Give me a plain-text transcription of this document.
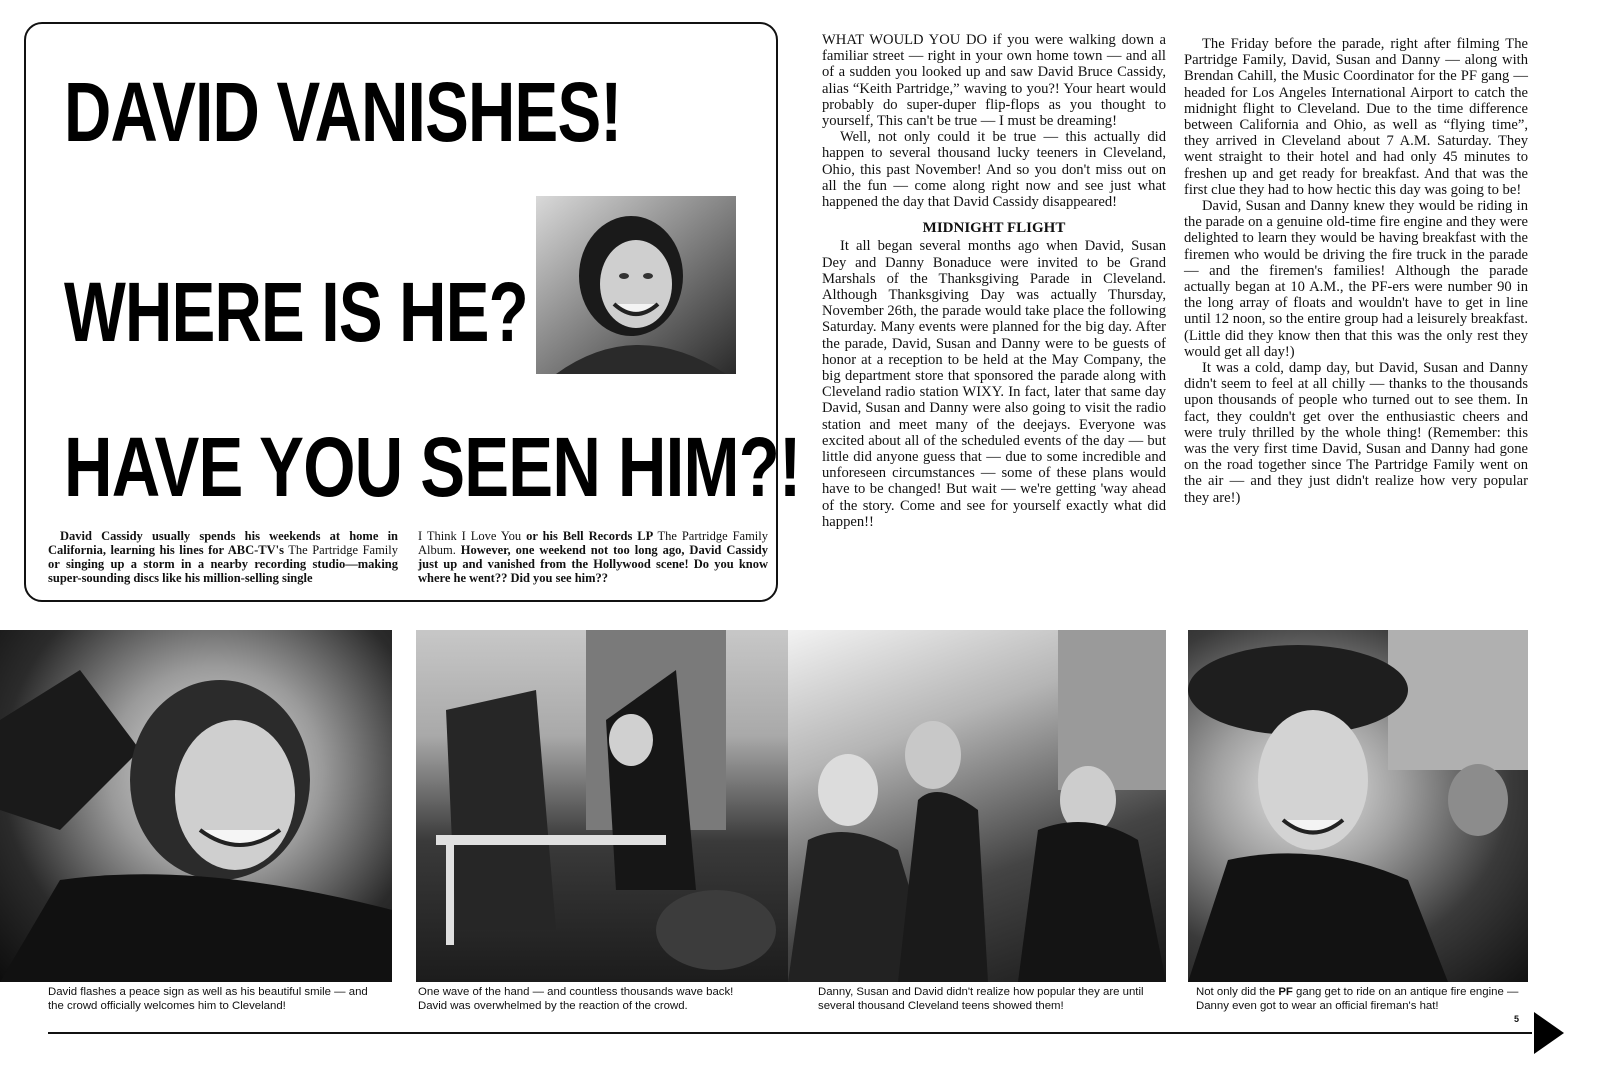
DAVID VANISHES!
WHERE IS HE?
HAVE YOU SEEN HIM?!
David Cassidy usually spends his weekends at home in California, learning his lines for ABC-TV's The Partridge Family or singing up a storm in a nearby recording studio—making super-sounding discs like his million-selling single
I Think I Love You or his Bell Records LP The Partridge Family Album. However, one weekend not too long ago, David Cassidy just up and vanished from the Hollywood scene! Do you know where he went?? Did you see him??

WHAT WOULD YOU DO if you were walking down a familiar street — right in your own home town — and all of a sudden you looked up and saw David Bruce Cassidy, alias “Keith Partridge,” waving to you?! Your heart would probably do super-duper flip-flops as you thought to yourself, This can't be true — I must be dreaming!

Well, not only could it be true — this actually did happen to several thousand lucky teeners in Cleveland, Ohio, this past November! And so you don't miss out on all the fun — come along right now and see just what happened the day that David Cassidy disappeared!

MIDNIGHT FLIGHT

It all began several months ago when David, Susan Dey and Danny Bonaduce were invited to be Grand Marshals of the Thanksgiving Parade in Cleveland. Although Thanksgiving Day was actually Thursday, November 26th, the parade would take place the following Saturday. Many events were planned for the big day. After the parade, David, Susan and Danny were to be guests of honor at a reception to be held at the May Company, the big department store that sponsored the parade along with Cleveland radio station WIXY. In fact, later that same day David, Susan and Danny were also going to visit the radio station and meet many of the deejays. Everyone was excited about all of the scheduled events of the day — but little did anyone guess that — due to some incredible and unforeseen circumstances — some of these plans would have to be changed! But wait — we're getting 'way ahead of the story. Come and see for yourself exactly what did happen!!

The Friday before the parade, right after filming The Partridge Family, David, Susan and Danny — along with Brendan Cahill, the Music Coordinator for the PF gang — headed for Los Angeles International Airport to catch the midnight flight to Cleveland. Due to the time difference between California and Ohio, as well as “flying time”, they arrived in Cleveland about 7 A.M. Saturday. They went straight to their hotel and had only 45 minutes to freshen up and get ready for breakfast. And that was the first clue they had to how hectic this day was going to be!

David, Susan and Danny knew they would be riding in the parade on a genuine old-time fire engine and they were delighted to learn they would be having breakfast with the firemen who would be driving the fire truck in the parade — and the firemen's families! Although the parade actually began at 10 A.M., the PF-ers were number 90 in the long array of floats and wouldn't have to get in line until 12 noon, so the entire group had a leisurely breakfast. (Little did they know then that this was the only rest they would get all day!)

It was a cold, damp day, but David, Susan and Danny didn't seem to feel at all chilly — thanks to the thousands upon thousands of people who turned out to see them. In fact, they couldn't get over the enthusiastic cheers and were truly thrilled by the whole thing! (Remember: this was the very first time David, Susan and Danny had gone on the road together since The Partridge Family went on the air — and they just didn't realize how very popular they are!)

David flashes a peace sign as well as his beautiful smile — and
the crowd officially welcomes him to Cleveland!
One wave of the hand — and countless thousands wave back!
David was overwhelmed by the reaction of the crowd.
Danny, Susan and David didn't realize how popular they are until
several thousand Cleveland teens showed them!
Not only did the PF gang get to ride on an antique fire engine —
Danny even got to wear an official fireman's hat!
5
